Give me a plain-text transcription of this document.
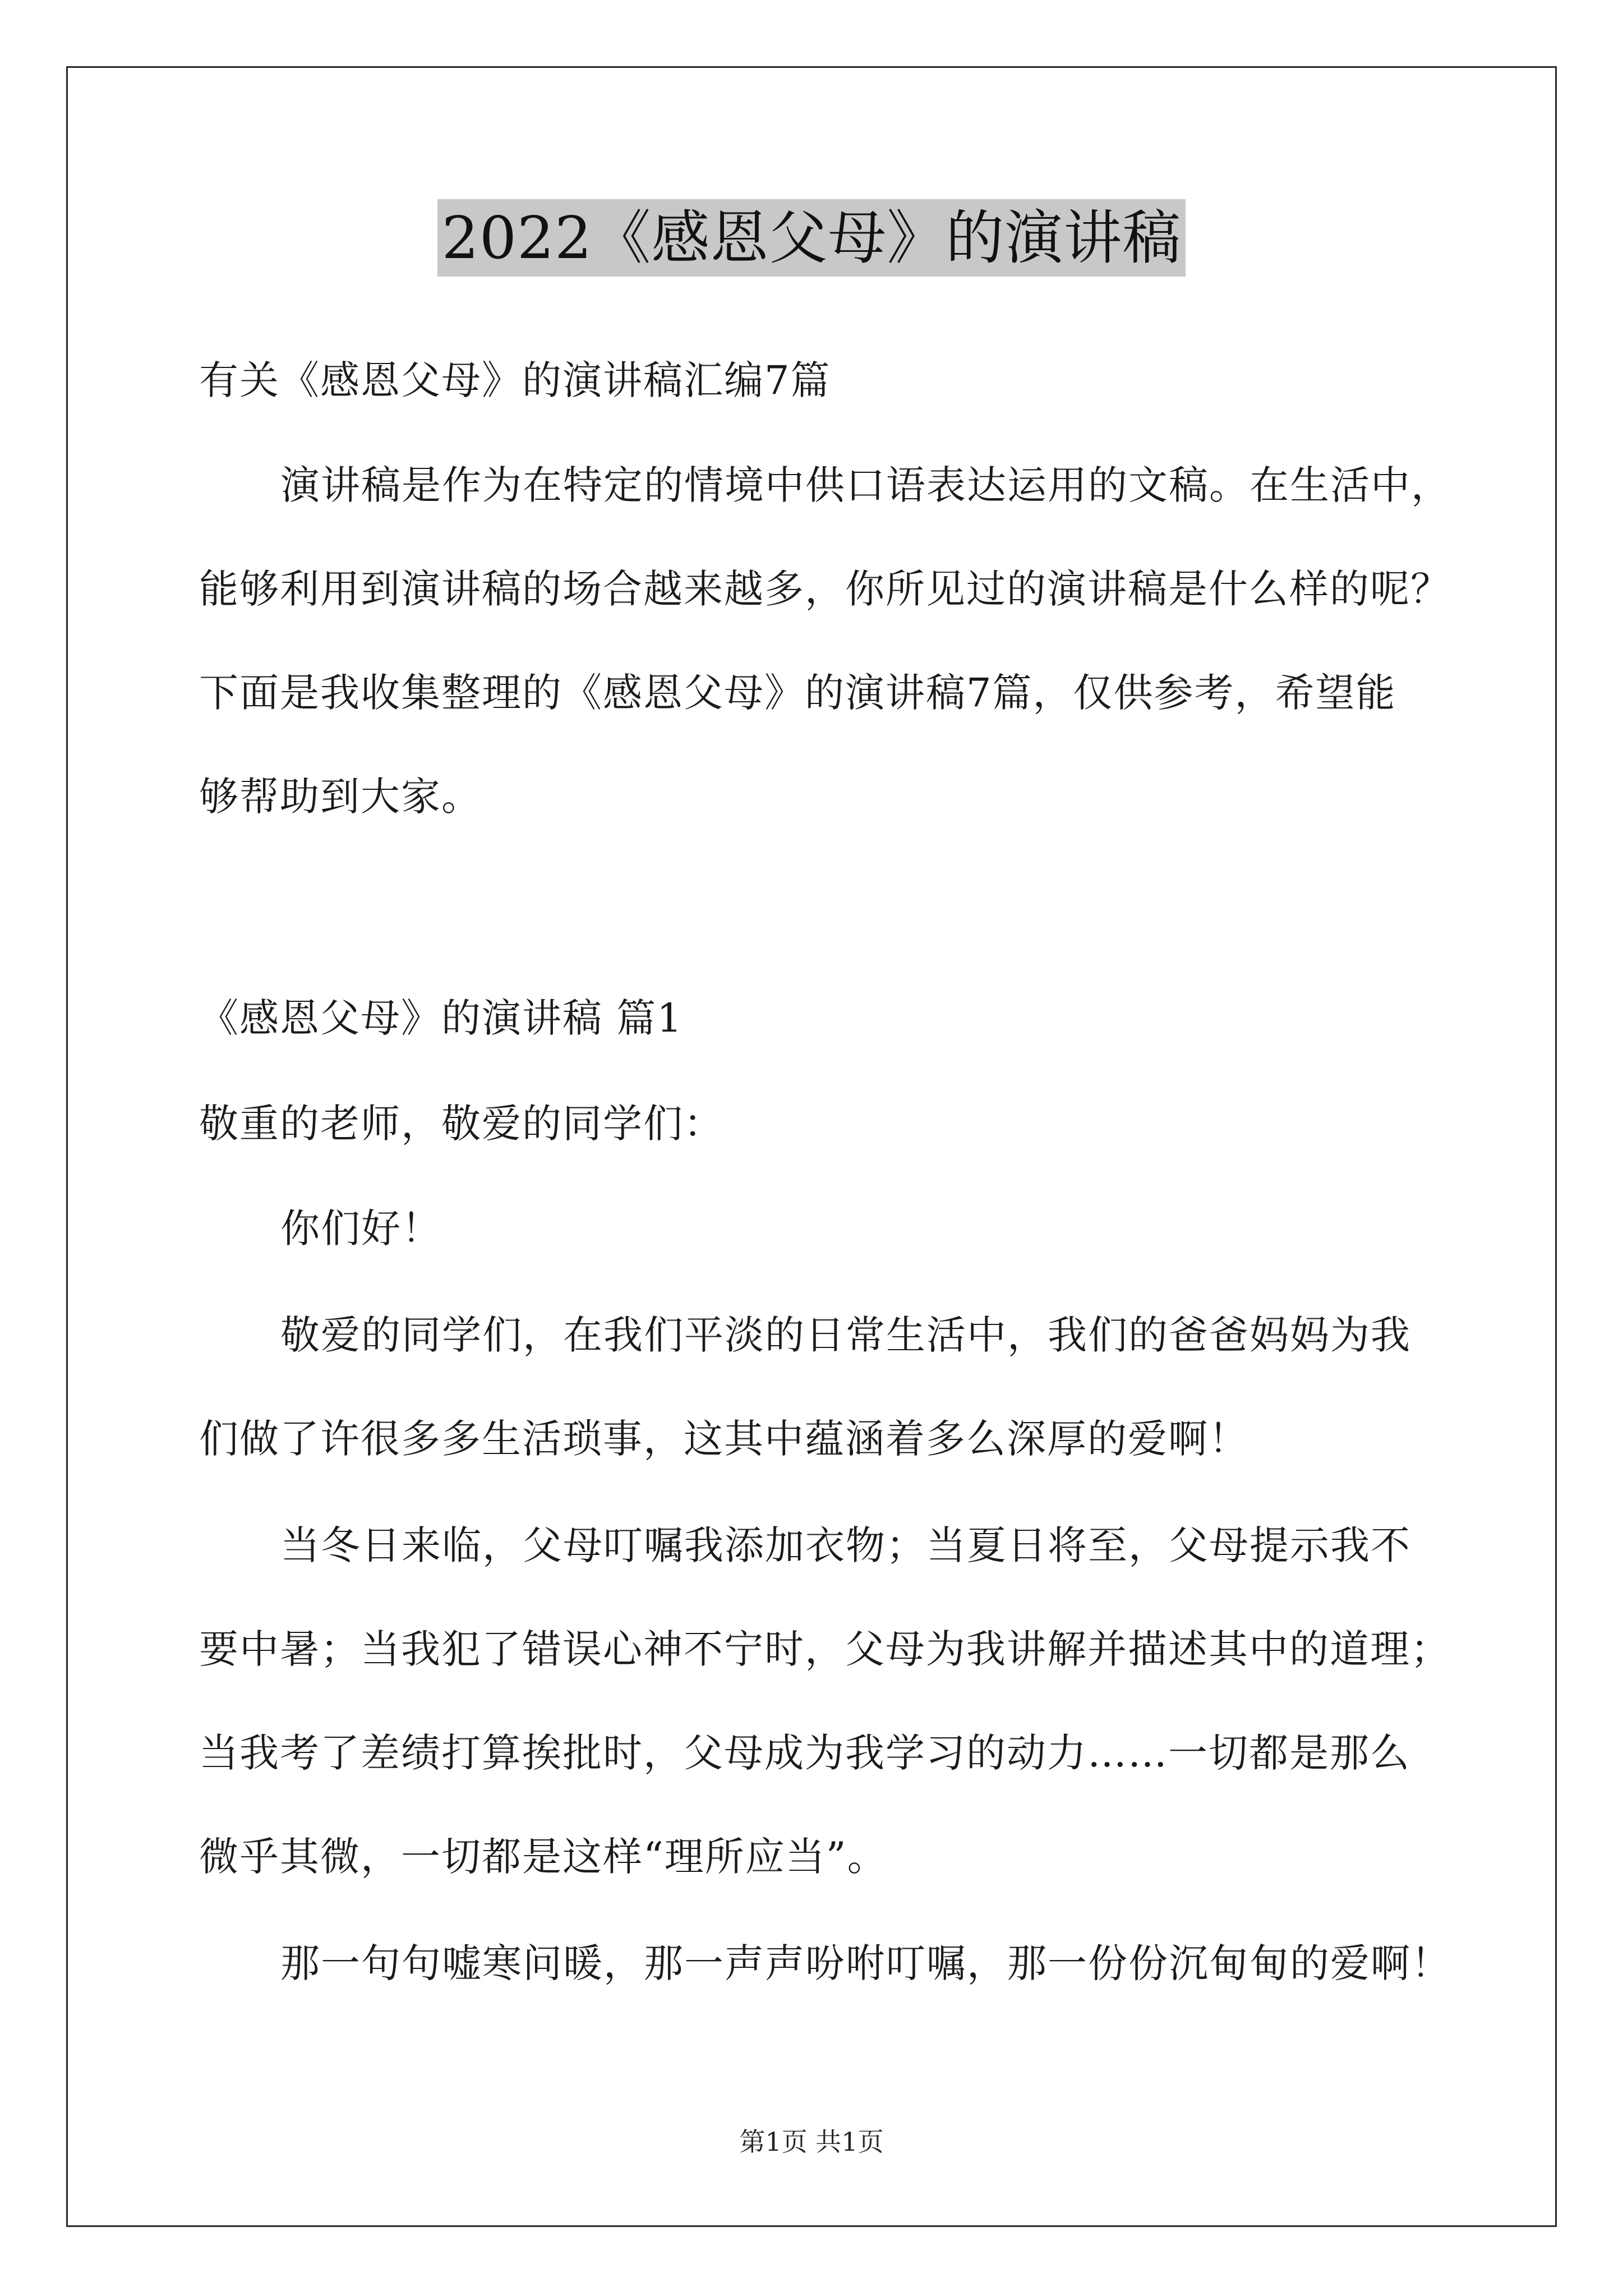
2022《感恩父母》的演讲稿
有关《感恩父母》的演讲稿汇编7篇
演讲稿是作为在特定的情境中供口语表达运用的文稿。在生活中，
能够利用到演讲稿的场合越来越多，你所见过的演讲稿是什么样的呢？
下面是我收集整理的《感恩父母》的演讲稿7篇，仅供参考，希望能
够帮助到大家。
《感恩父母》的演讲稿 篇1
敬重的老师，敬爱的同学们：
你们好！
敬爱的同学们，在我们平淡的日常生活中，我们的爸爸妈妈为我
们做了许很多多生活琐事，这其中蕴涵着多么深厚的爱啊！
当冬日来临，父母叮嘱我添加衣物；当夏日将至，父母提示我不
要中暑；当我犯了错误心神不宁时，父母为我讲解并描述其中的道理；
当我考了差绩打算挨批时，父母成为我学习的动力……一切都是那么
微乎其微，一切都是这样“理所应当”。
那一句句嘘寒问暖，那一声声吩咐叮嘱，那一份份沉甸甸的爱啊！
第1页 共1页
